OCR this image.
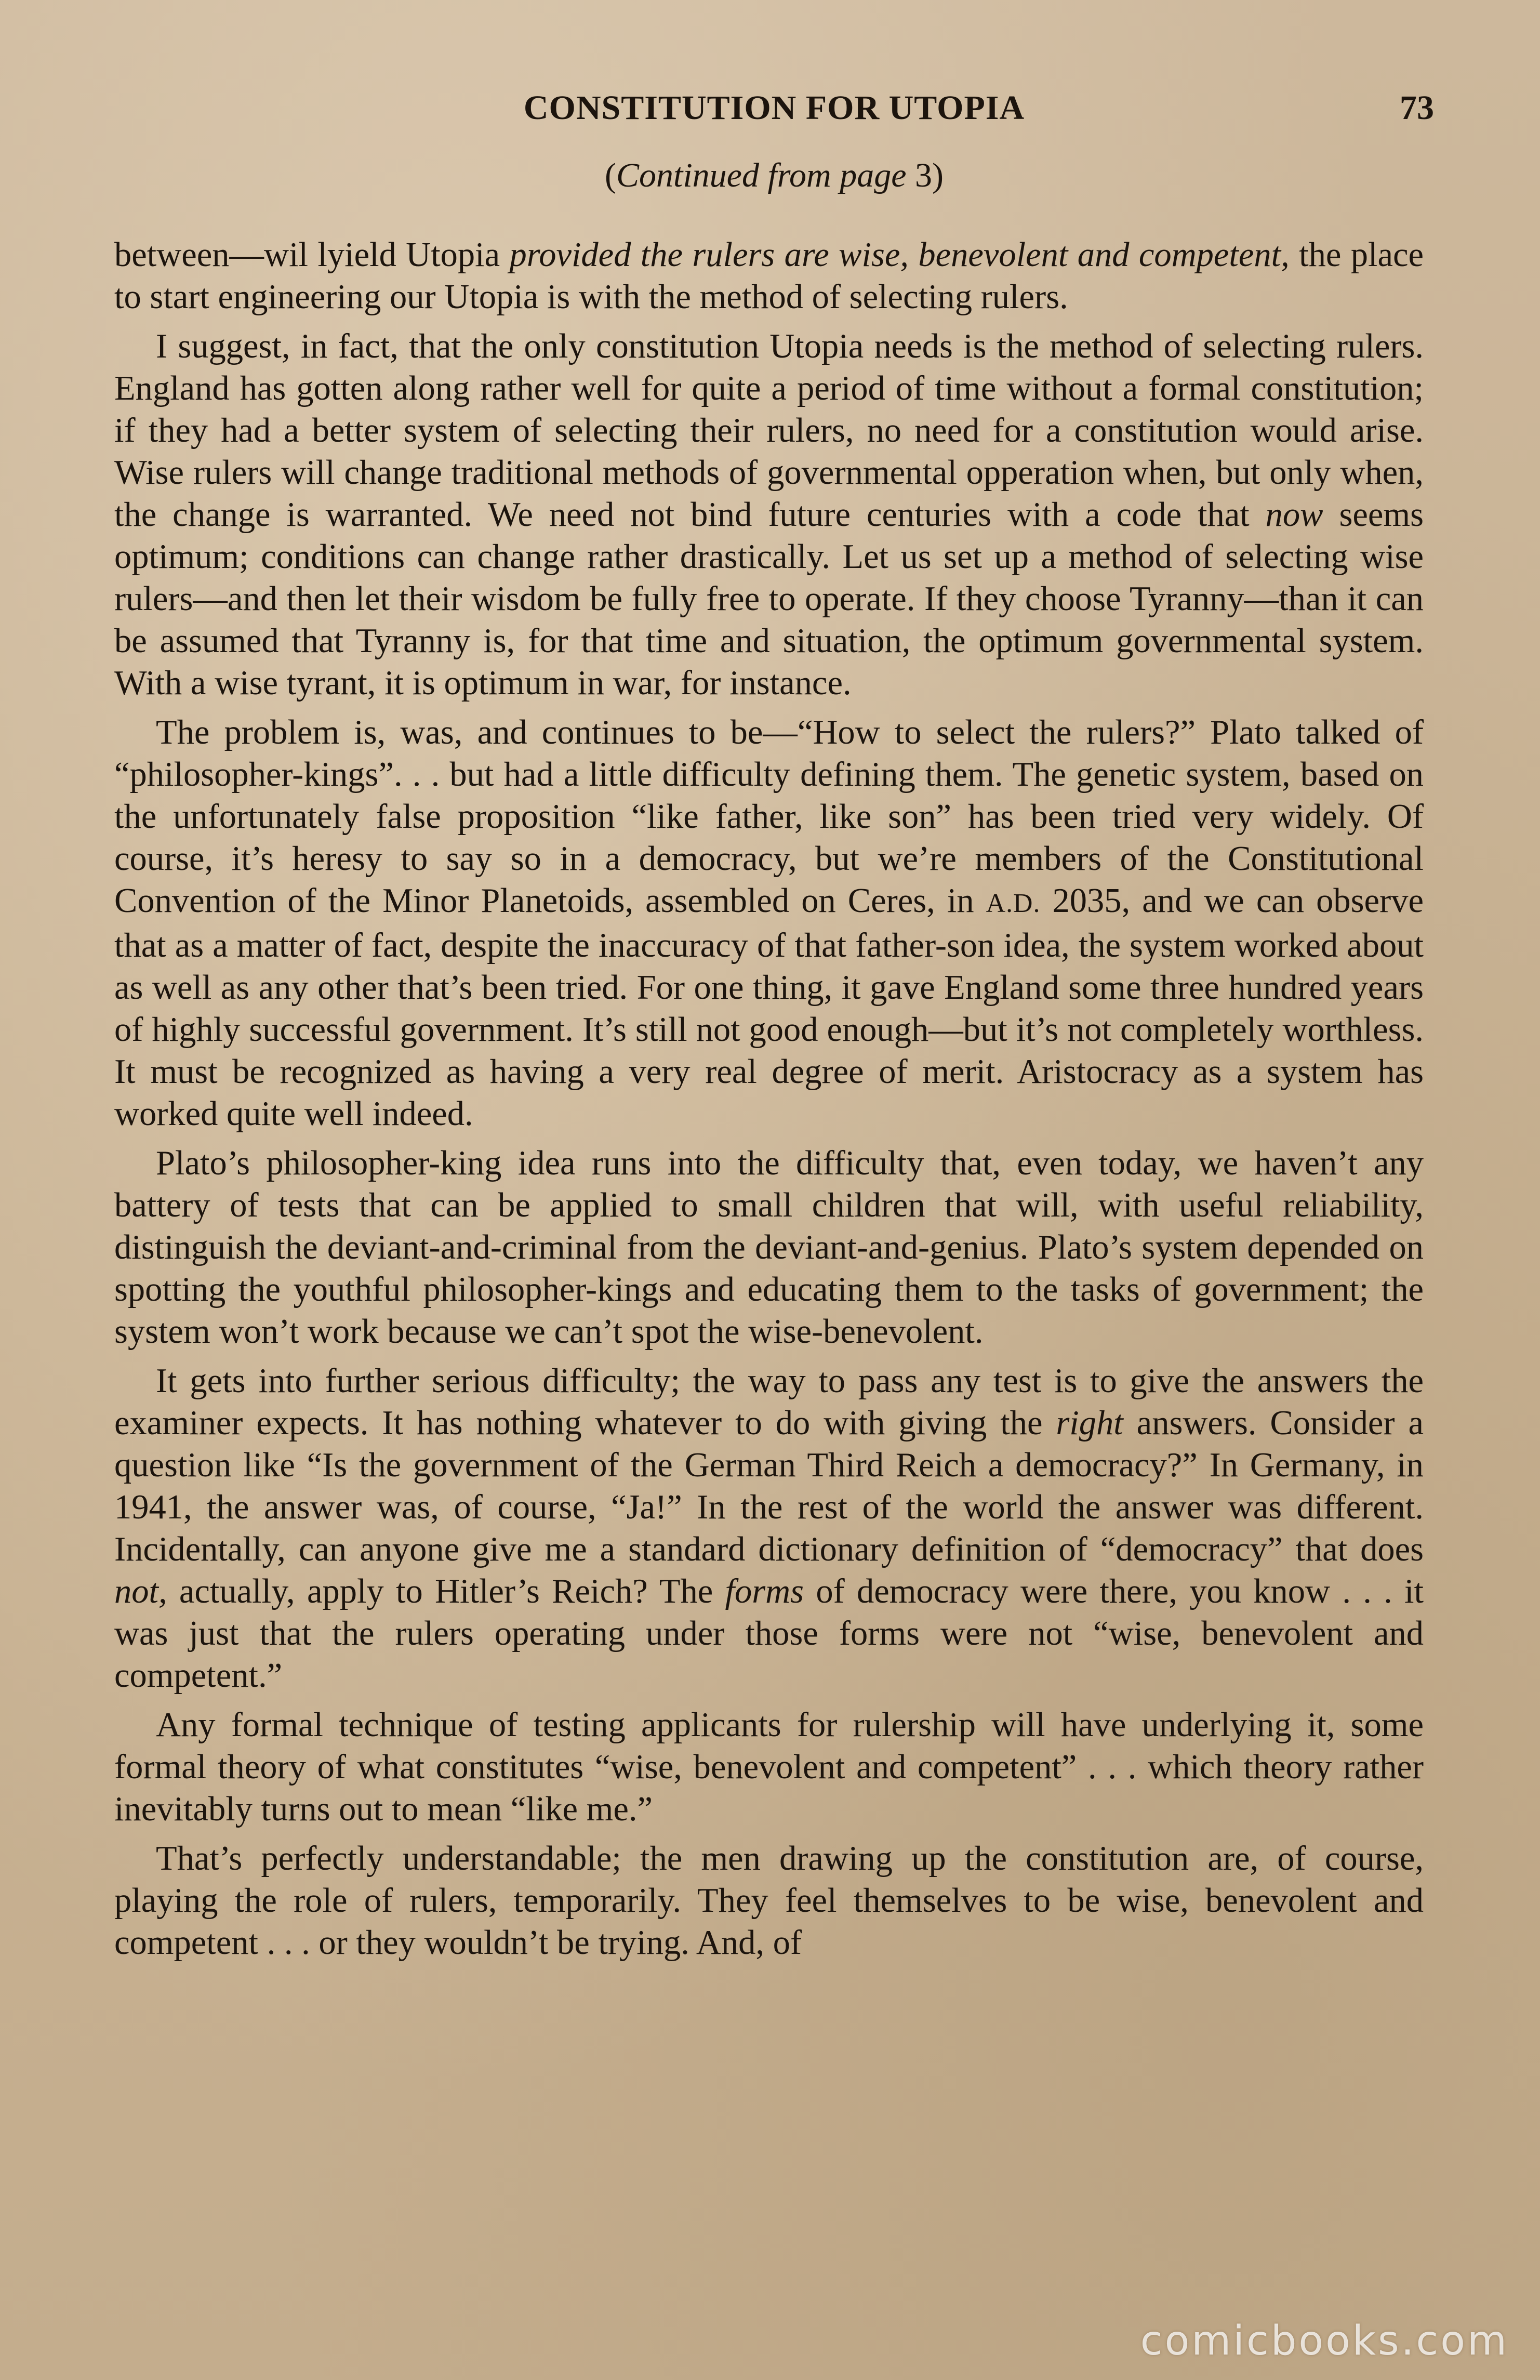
CONSTITUTION FOR UTOPIA	73
(Continued from page 3)

between—wil lyield Utopia provided the rulers are wise, benevolent and competent, the place to start engineering our Utopia is with the method of selecting rulers.

I suggest, in fact, that the only constitution Utopia needs is the method of selecting rulers. England has gotten along rather well for quite a period of time without a formal constitution; if they had a better system of selecting their rulers, no need for a constitution would arise. Wise rulers will change traditional methods of governmental opperation when, but only when, the change is warranted. We need not bind future centuries with a code that now seems optimum; conditions can change rather drastically. Let us set up a method of selecting wise rulers—and then let their wisdom be fully free to operate. If they choose Tyranny—than it can be assumed that Tyranny is, for that time and situation, the optimum governmental system. With a wise tyrant, it is optimum in war, for instance.

The problem is, was, and continues to be—“How to select the rulers?” Plato talked of “philosopher-kings”. . . but had a little difficulty defining them. The genetic system, based on the unfortunately false proposition “like father, like son” has been tried very widely. Of course, it’s heresy to say so in a democracy, but we’re members of the Constitutional Convention of the Minor Planetoids, assembled on Ceres, in A.D. 2035, and we can observe that as a matter of fact, despite the inaccuracy of that father-son idea, the system worked about as well as any other that’s been tried. For one thing, it gave England some three hundred years of highly successful government. It’s still not good enough—but it’s not completely worthless. It must be recognized as having a very real degree of merit. Aristocracy as a system has worked quite well indeed.

Plato’s philosopher-king idea runs into the difficulty that, even today, we haven’t any battery of tests that can be applied to small children that will, with useful reliability, distinguish the deviant-and-criminal from the deviant-and-genius. Plato’s system depended on spotting the youthful philosopher-kings and educating them to the tasks of government; the system won’t work because we can’t spot the wise-benevolent.

It gets into further serious difficulty; the way to pass any test is to give the answers the examiner expects. It has nothing whatever to do with giving the right answers. Consider a question like “Is the government of the German Third Reich a democracy?” In Germany, in 1941, the answer was, of course, “Ja!” In the rest of the world the answer was different. Incidentally, can anyone give me a standard dictionary definition of “democracy” that does not, actually, apply to Hitler’s Reich? The forms of democracy were there, you know . . . it was just that the rulers operating under those forms were not “wise, benevolent and competent.”

Any formal technique of testing applicants for rulership will have underlying it, some formal theory of what constitutes “wise, benevolent and competent” . . . which theory rather inevitably turns out to mean “like me.”

That’s perfectly understandable; the men drawing up the constitution are, of course, playing the role of rulers, temporarily. They feel themselves to be wise, benevolent and competent . . . or they wouldn’t be trying. And, of

comicbooks.com
